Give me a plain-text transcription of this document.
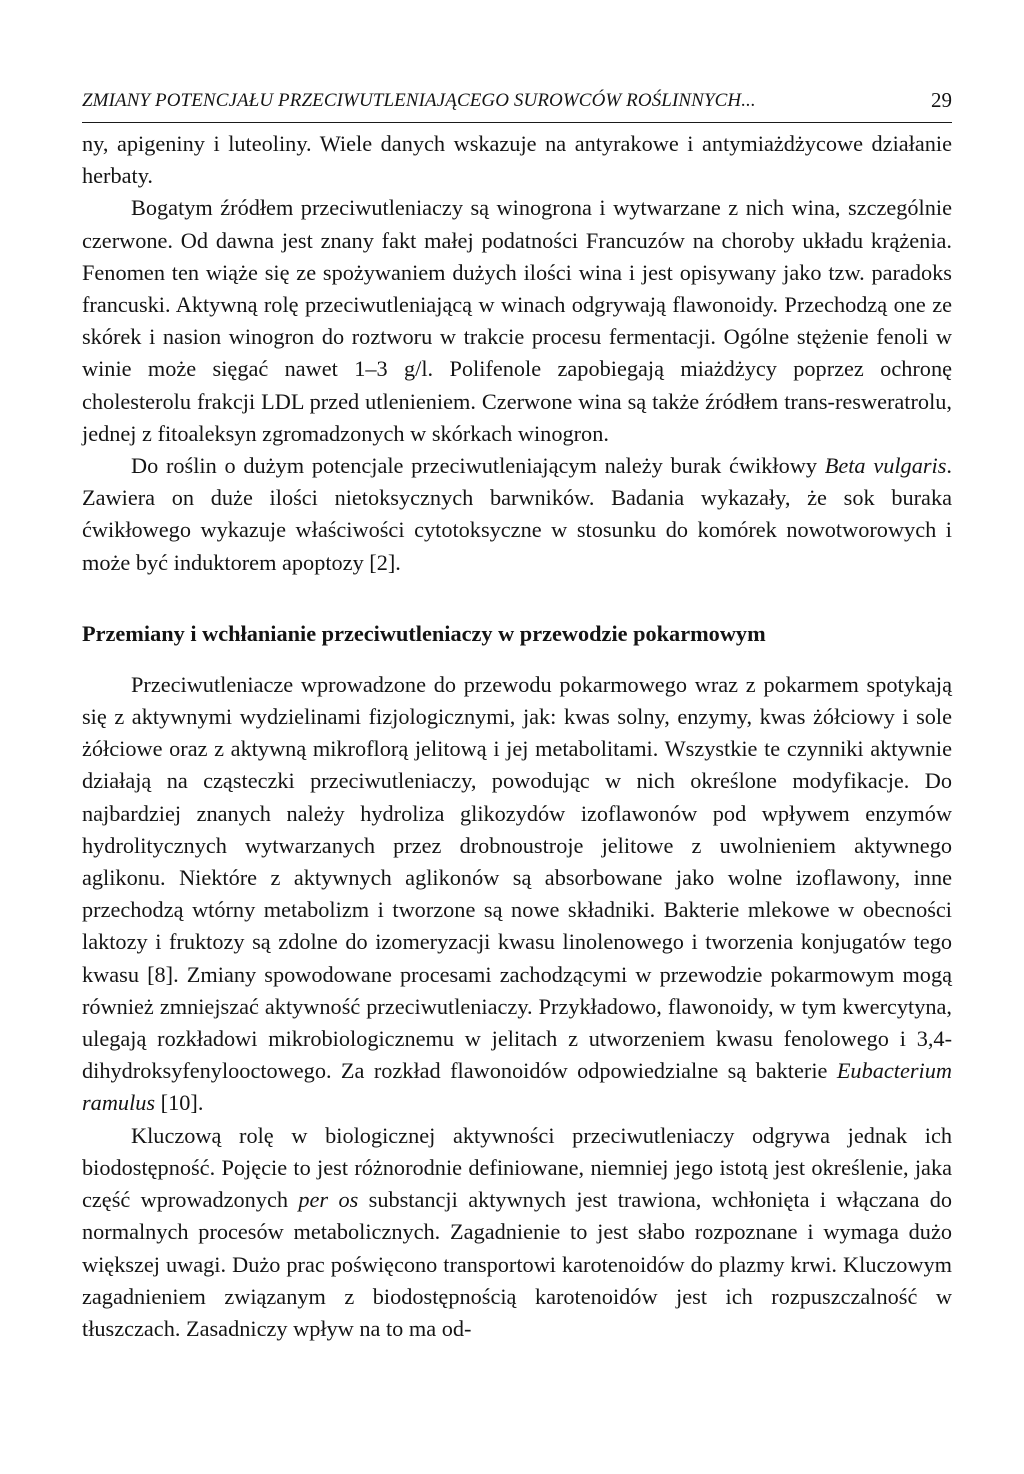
ZMIANY POTENCJAŁU PRZECIWUTLENIAJĄCEGO SUROWCÓW ROŚLINNYCH...	29

ny, apigeniny i luteoliny. Wiele danych wskazuje na antyrakowe i antymiażdżycowe działanie herbaty.

Bogatym źródłem przeciwutleniaczy są winogrona i wytwarzane z nich wina, szczególnie czerwone. Od dawna jest znany fakt małej podatności Francuzów na choroby układu krążenia. Fenomen ten wiąże się ze spożywaniem dużych ilości wina i jest opisywany jako tzw. paradoks francuski. Aktywną rolę przeciwutleniającą w winach odgrywają flawonoidy. Przechodzą one ze skórek i nasion winogron do roztworu w trakcie procesu fermentacji. Ogólne stężenie fenoli w winie może sięgać nawet 1–3 g/l. Polifenole zapobiegają miażdżycy poprzez ochronę cholesterolu frakcji LDL przed utlenieniem. Czerwone wina są także źródłem trans-resweratrolu, jednej z fitoaleksyn zgromadzonych w skórkach winogron.

Do roślin o dużym potencjale przeciwutleniającym należy burak ćwikłowy Beta vulgaris. Zawiera on duże ilości nietoksycznych barwników. Badania wykazały, że sok buraka ćwikłowego wykazuje właściwości cytotoksyczne w stosunku do komórek nowotworowych i może być induktorem apoptozy [2].

Przemiany i wchłanianie przeciwutleniaczy w przewodzie pokarmowym

Przeciwutleniacze wprowadzone do przewodu pokarmowego wraz z pokarmem spotykają się z aktywnymi wydzielinami fizjologicznymi, jak: kwas solny, enzymy, kwas żółciowy i sole żółciowe oraz z aktywną mikroflorą jelitową i jej metabolitami. Wszystkie te czynniki aktywnie działają na cząsteczki przeciwutleniaczy, powodując w nich określone modyfikacje. Do najbardziej znanych należy hydroliza glikozydów izoflawonów pod wpływem enzymów hydrolitycznych wytwarzanych przez drobnoustroje jelitowe z uwolnieniem aktywnego aglikonu. Niektóre z aktywnych aglikonów są absorbowane jako wolne izoflawony, inne przechodzą wtórny metabolizm i tworzone są nowe składniki. Bakterie mlekowe w obecności laktozy i fruktozy są zdolne do izomeryzacji kwasu linolenowego i tworzenia konjugatów tego kwasu [8]. Zmiany spowodowane procesami zachodzącymi w przewodzie pokarmowym mogą również zmniejszać aktywność przeciwutleniaczy. Przykładowo, flawonoidy, w tym kwercytyna, ulegają rozkładowi mikrobiologicznemu w jelitach z utworzeniem kwasu fenolowego i 3,4-dihydroksyfenylooctowego. Za rozkład flawonoidów odpowiedzialne są bakterie Eubacterium ramulus [10].

Kluczową rolę w biologicznej aktywności przeciwutleniaczy odgrywa jednak ich biodostępność. Pojęcie to jest różnorodnie definiowane, niemniej jego istotą jest określenie, jaka część wprowadzonych per os substancji aktywnych jest trawiona, wchłonięta i włączana do normalnych procesów metabolicznych. Zagadnienie to jest słabo rozpoznane i wymaga dużo większej uwagi. Dużo prac poświęcono transportowi karotenoidów do plazmy krwi. Kluczowym zagadnieniem związanym z biodostępnością karotenoidów jest ich rozpuszczalność w tłuszczach. Zasadniczy wpływ na to ma od-
